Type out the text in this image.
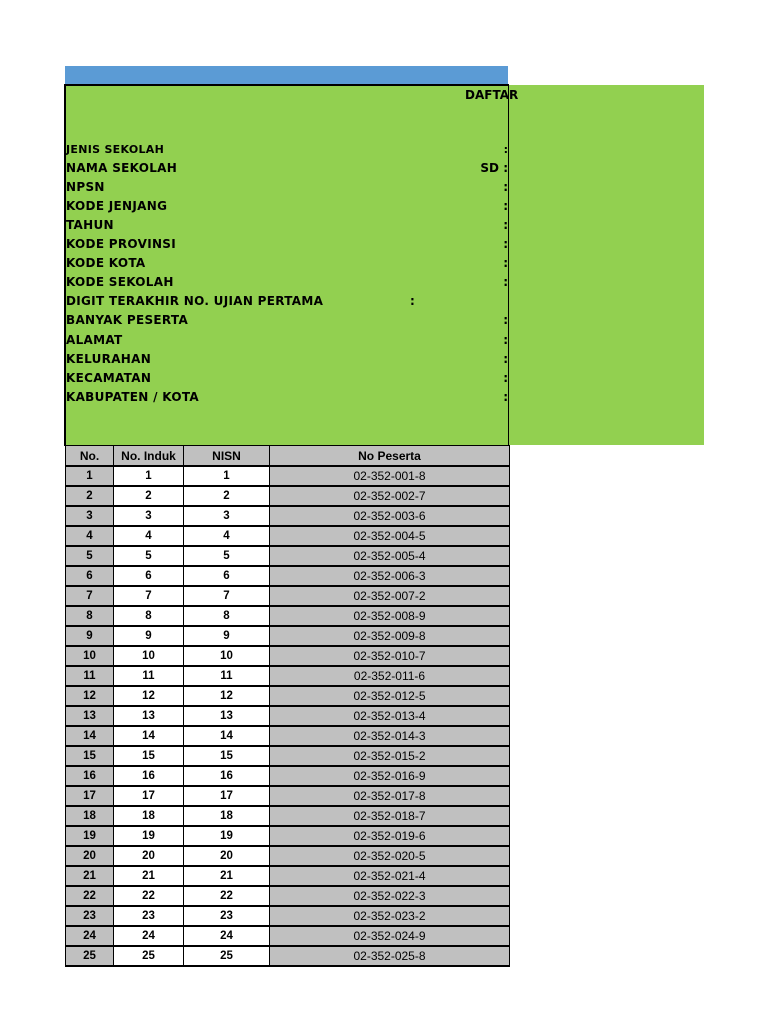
DAFTAR
JENIS SEKOLAH	:
NAMA SEKOLAH	SD :
NPSN	:
KODE JENJANG	:
TAHUN	:
KODE PROVINSI	:
KODE KOTA	:
KODE SEKOLAH	:
DIGIT TERAKHIR NO. UJIAN PERTAMA	:
BANYAK PESERTA	:
ALAMAT	:
KELURAHAN	:
KECAMATAN	:
KABUPATEN / KOTA	:
No.	No. Induk	NISN	No Peserta
1	1	1	02-352-001-8
2	2	2	02-352-002-7
3	3	3	02-352-003-6
4	4	4	02-352-004-5
5	5	5	02-352-005-4
6	6	6	02-352-006-3
7	7	7	02-352-007-2
8	8	8	02-352-008-9
9	9	9	02-352-009-8
10	10	10	02-352-010-7
11	11	11	02-352-011-6
12	12	12	02-352-012-5
13	13	13	02-352-013-4
14	14	14	02-352-014-3
15	15	15	02-352-015-2
16	16	16	02-352-016-9
17	17	17	02-352-017-8
18	18	18	02-352-018-7
19	19	19	02-352-019-6
20	20	20	02-352-020-5
21	21	21	02-352-021-4
22	22	22	02-352-022-3
23	23	23	02-352-023-2
24	24	24	02-352-024-9
25	25	25	02-352-025-8
